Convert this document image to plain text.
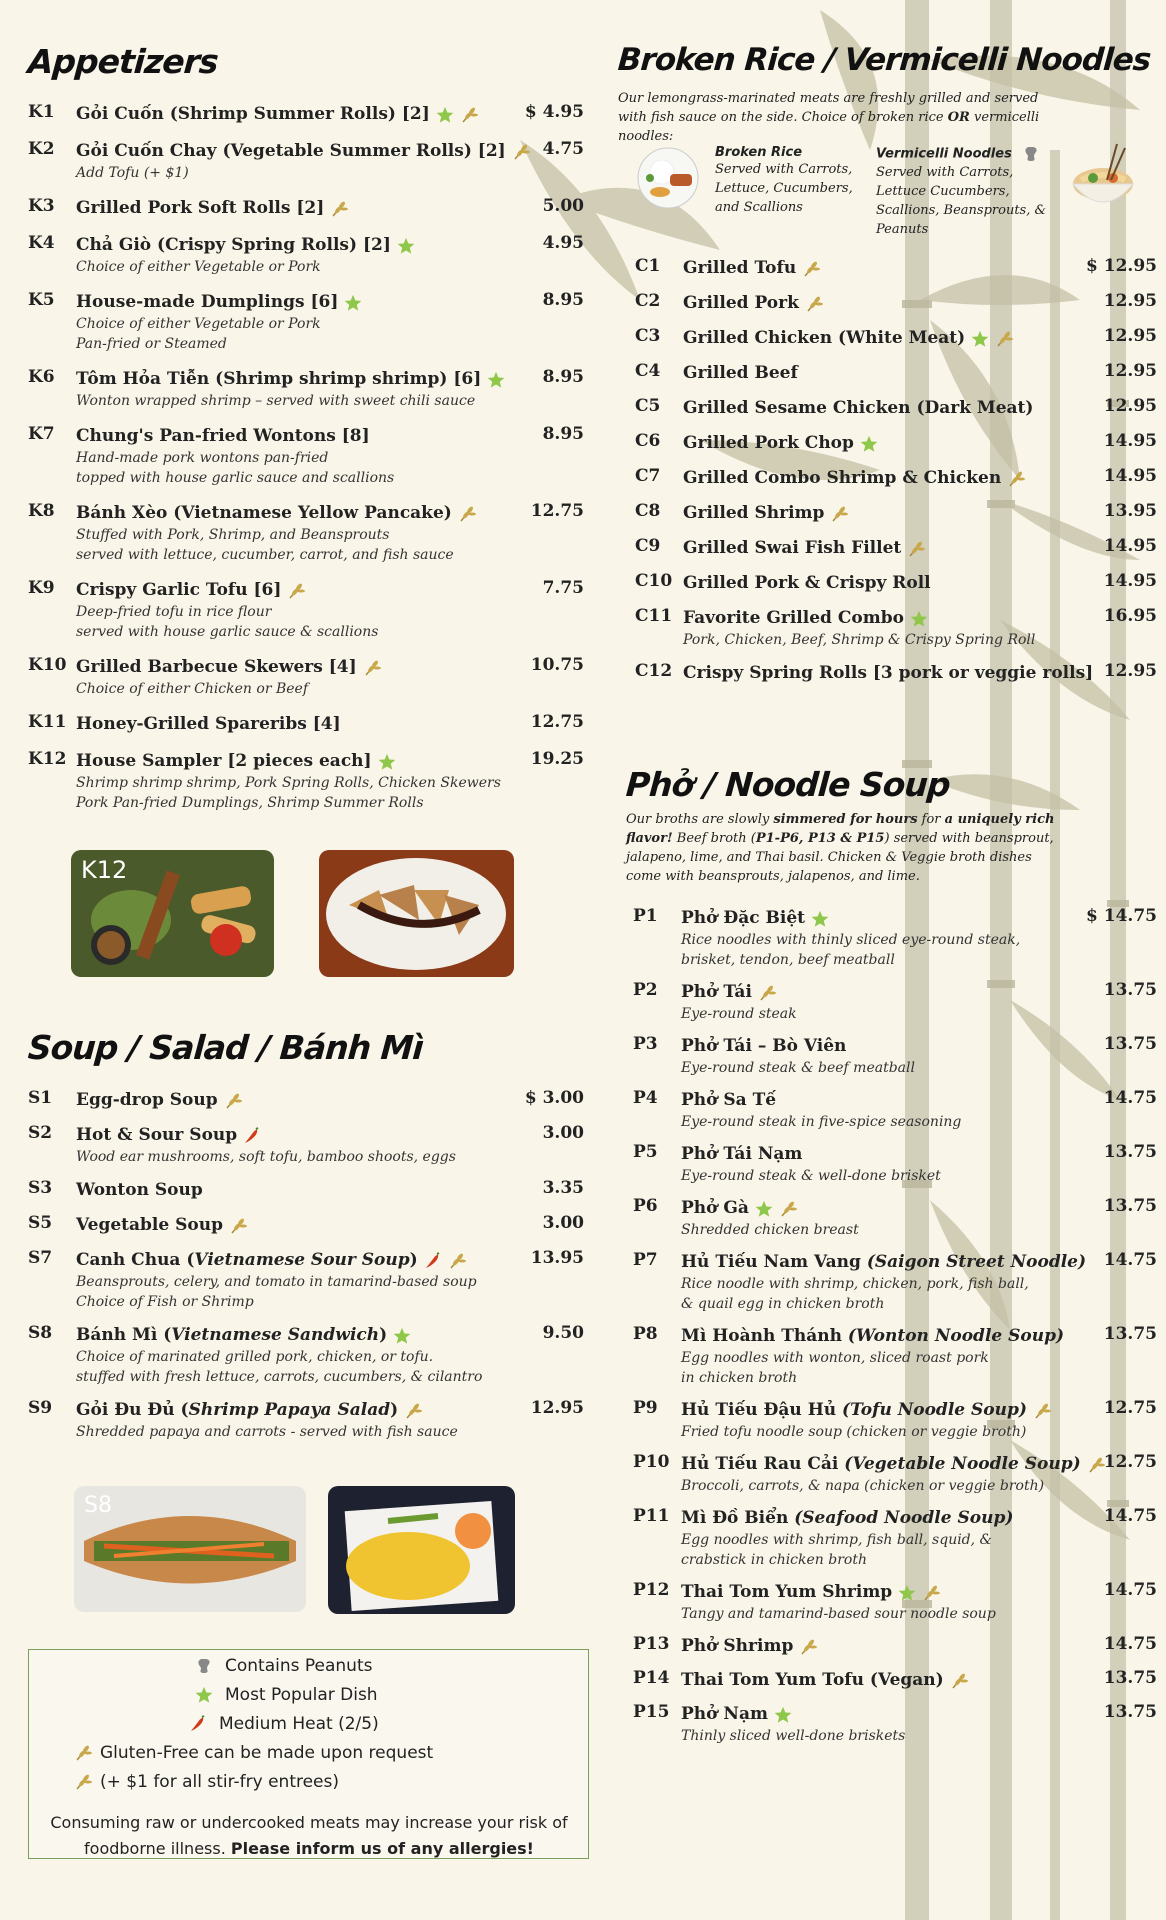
Appetizers
K1 Gỏi Cuốn (Shrimp Summer Rolls) [2]	$ 4.95
K2 Gỏi Cuốn Chay (Vegetable Summer Rolls) [2]	4.75
Add Tofu (+ $1)
K3 Grilled Pork Soft Rolls [2]	5.00
K4 Chả Giò (Crispy Spring Rolls) [2]	4.95
Choice of either Vegetable or Pork
K5 House-made Dumplings [6]	8.95
Choice of either Vegetable or Pork
Pan-fried or Steamed
K6 Tôm Hỏa Tiễn (Shrimp shrimp shrimp) [6]	8.95
Wonton wrapped shrimp – served with sweet chili sauce
K7 Chung's Pan-fried Wontons [8]	8.95
Hand-made pork wontons pan-fried
topped with house garlic sauce and scallions
K8 Bánh Xèo (Vietnamese Yellow Pancake)	12.75
Stuffed with Pork, Shrimp, and Beansprouts
served with lettuce, cucumber, carrot, and fish sauce
K9 Crispy Garlic Tofu [6]	7.75
Deep-fried tofu in rice flour
served with house garlic sauce & scallions
K10 Grilled Barbecue Skewers [4]	10.75
Choice of either Chicken or Beef
K11 Honey-Grilled Spareribs [4]	12.75
K12 House Sampler [2 pieces each]	19.25
Shrimp shrimp shrimp, Pork Spring Rolls, Chicken Skewers
Pork Pan-fried Dumplings, Shrimp Summer Rolls
K12
Soup / Salad / Bánh Mì
S1 Egg-drop Soup	$ 3.00
S2 Hot & Sour Soup	3.00
Wood ear mushrooms, soft tofu, bamboo shoots, eggs
S3 Wonton Soup	3.35
S5 Vegetable Soup	3.00
S7 Canh Chua (Vietnamese Sour Soup)	13.95
Beansprouts, celery, and tomato in tamarind-based soup
Choice of Fish or Shrimp
S8 Bánh Mì (Vietnamese Sandwich)	9.50
Choice of marinated grilled pork, chicken, or tofu.
stuffed with fresh lettuce, carrots, cucumbers, & cilantro
S9 Gỏi Đu Đủ (Shrimp Papaya Salad)	12.95
Shredded papaya and carrots - served with fish sauce
S8
Contains Peanuts
Most Popular Dish
Medium Heat (2/5)
Gluten-Free can be made upon request
(+ $1 for all stir-fry entrees)
Consuming raw or undercooked meats may increase your risk of foodborne illness. Please inform us of any allergies!
Broken Rice / Vermicelli Noodles
Our lemongrass-marinated meats are freshly grilled and served with fish sauce on the side. Choice of broken rice OR vermicelli noodles:
Broken Rice
Served with Carrots, Lettuce, Cucumbers, and Scallions
Vermicelli Noodles
Served with Carrots, Lettuce Cucumbers, Scallions, Beansprouts, & Peanuts
C1 Grilled Tofu	$ 12.95
C2 Grilled Pork	12.95
C3 Grilled Chicken (White Meat)	12.95
C4 Grilled Beef	12.95
C5 Grilled Sesame Chicken (Dark Meat)	12.95
C6 Grilled Pork Chop	14.95
C7 Grilled Combo Shrimp & Chicken	14.95
C8 Grilled Shrimp	13.95
C9 Grilled Swai Fish Fillet	14.95
C10 Grilled Pork & Crispy Roll	14.95
C11 Favorite Grilled Combo	16.95
Pork, Chicken, Beef, Shrimp & Crispy Spring Roll
C12 Crispy Spring Rolls [3 pork or veggie rolls] 12.95
Phở / Noodle Soup
Our broths are slowly simmered for hours for a uniquely rich flavor! Beef broth (P1-P6, P13 & P15) served with beansprout, jalapeno, lime, and Thai basil. Chicken & Veggie broth dishes come with beansprouts, jalapenos, and lime.
P1 Phở Đặc Biệt	$ 14.75
Rice noodles with thinly sliced eye-round steak,
brisket, tendon, beef meatball
P2 Phở Tái	13.75
Eye-round steak
P3 Phở Tái – Bò Viên	13.75
Eye-round steak & beef meatball
P4 Phở Sa Tế	14.75
Eye-round steak in five-spice seasoning
P5 Phở Tái Nạm	13.75
Eye-round steak & well-done brisket
P6 Phở Gà	13.75
Shredded chicken breast
P7 Hủ Tiếu Nam Vang (Saigon Street Noodle)	14.75
Rice noodle with shrimp, chicken, pork, fish ball,
& quail egg in chicken broth
P8 Mì Hoành Thánh (Wonton Noodle Soup)	13.75
Egg noodles with wonton, sliced roast pork
in chicken broth
P9 Hủ Tiếu Đậu Hủ (Tofu Noodle Soup)	12.75
Fried tofu noodle soup (chicken or veggie broth)
P10 Hủ Tiếu Rau Cải (Vegetable Noodle Soup)	12.75
Broccoli, carrots, & napa (chicken or veggie broth)
P11 Mì Đồ Biển (Seafood Noodle Soup)	14.75
Egg noodles with shrimp, fish ball, squid, &
crabstick in chicken broth
P12 Thai Tom Yum Shrimp	14.75
Tangy and tamarind-based sour noodle soup
P13 Phở Shrimp	14.75
P14 Thai Tom Yum Tofu (Vegan)	13.75
P15 Phở Nạm	13.75
Thinly sliced well-done briskets
